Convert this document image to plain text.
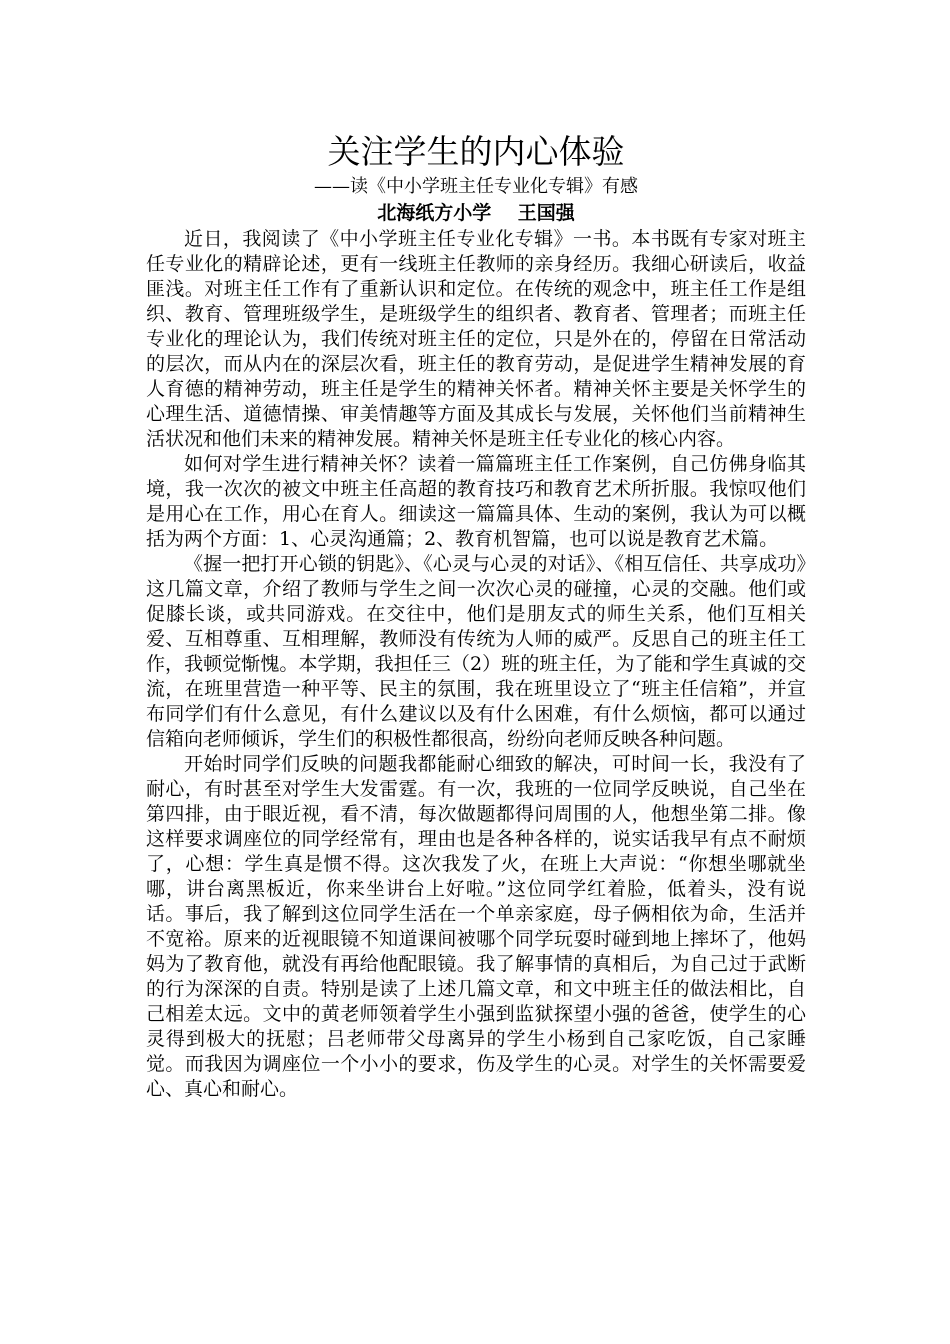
关注学生的内心体验

——读《中小学班主任专业化专辑》有感

北海纸方小学    王国强

近日，我阅读了《中小学班主任专业化专辑》一书。本书既有专家对班主任专业化的精辟论述，更有一线班主任教师的亲身经历。我细心研读后，收益匪浅。对班主任工作有了重新认识和定位。在传统的观念中，班主任工作是组织、教育、管理班级学生，是班级学生的组织者、教育者、管理者；而班主任专业化的理论认为，我们传统对班主任的定位，只是外在的，停留在日常活动的层次，而从内在的深层次看，班主任的教育劳动，是促进学生精神发展的育人育德的精神劳动，班主任是学生的精神关怀者。精神关怀主要是关怀学生的心理生活、道德情操、审美情趣等方面及其成长与发展，关怀他们当前精神生活状况和他们未来的精神发展。精神关怀是班主任专业化的核心内容。

如何对学生进行精神关怀？读着一篇篇班主任工作案例，自己仿佛身临其境，我一次次的被文中班主任高超的教育技巧和教育艺术所折服。我惊叹他们是用心在工作，用心在育人。细读这一篇篇具体、生动的案例，我认为可以概括为两个方面：1、心灵沟通篇；2、教育机智篇，也可以说是教育艺术篇。

《握一把打开心锁的钥匙》、《心灵与心灵的对话》、《相互信任、共享成功》这几篇文章，介绍了教师与学生之间一次次心灵的碰撞，心灵的交融。他们或促膝长谈，或共同游戏。在交往中，他们是朋友式的师生关系，他们互相关爱、互相尊重、互相理解，教师没有传统为人师的威严。反思自己的班主任工作，我顿觉惭愧。本学期，我担任三（2）班的班主任，为了能和学生真诚的交流，在班里营造一种平等、民主的氛围，我在班里设立了“班主任信箱”，并宣布同学们有什么意见，有什么建议以及有什么困难，有什么烦恼，都可以通过信箱向老师倾诉，学生们的积极性都很高，纷纷向老师反映各种问题。

开始时同学们反映的问题我都能耐心细致的解决，可时间一长，我没有了耐心，有时甚至对学生大发雷霆。有一次，我班的一位同学反映说，自己坐在第四排，由于眼近视，看不清，每次做题都得问周围的人，他想坐第二排。像这样要求调座位的同学经常有，理由也是各种各样的，说实话我早有点不耐烦了，心想：学生真是惯不得。这次我发了火，在班上大声说：“你想坐哪就坐哪，讲台离黑板近，你来坐讲台上好啦。”这位同学红着脸，低着头，没有说话。事后，我了解到这位同学生活在一个单亲家庭，母子俩相依为命，生活并不宽裕。原来的近视眼镜不知道课间被哪个同学玩耍时碰到地上摔坏了，他妈妈为了教育他，就没有再给他配眼镜。我了解事情的真相后，为自己过于武断的行为深深的自责。特别是读了上述几篇文章，和文中班主任的做法相比，自己相差太远。文中的黄老师领着学生小强到监狱探望小强的爸爸，使学生的心灵得到极大的抚慰；吕老师带父母离异的学生小杨到自己家吃饭，自己家睡觉。而我因为调座位一个小小的要求，伤及学生的心灵。对学生的关怀需要爱心、真心和耐心。
